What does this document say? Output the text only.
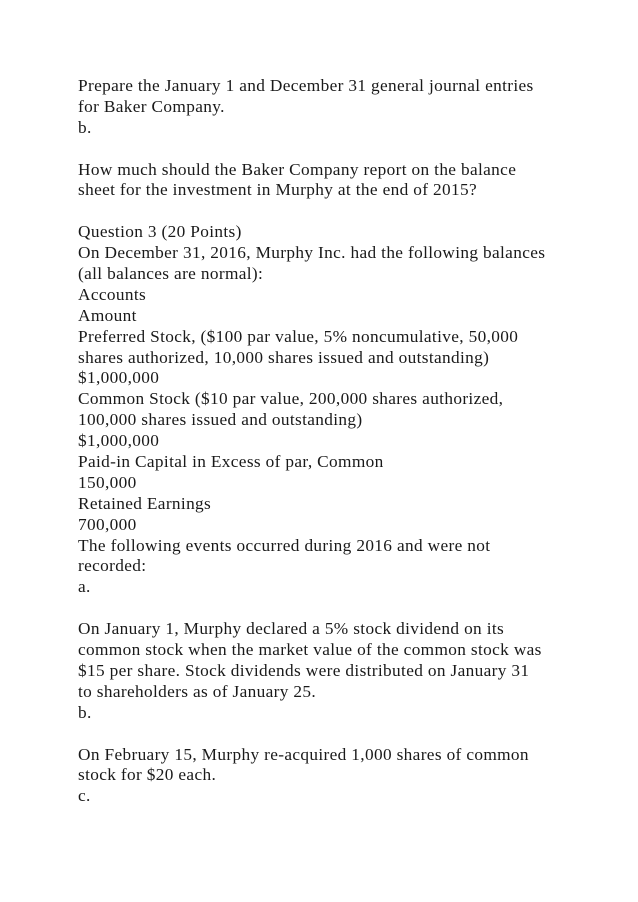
Prepare the January 1 and December 31 general journal entries
for Baker Company.
b.
How much should the Baker Company report on the balance
sheet for the investment in Murphy at the end of 2015?
Question 3 (20 Points)
On December 31, 2016, Murphy Inc. had the following balances
(all balances are normal):
Accounts
Amount
Preferred Stock, ($100 par value, 5% noncumulative, 50,000
shares authorized, 10,000 shares issued and outstanding)
$1,000,000
Common Stock ($10 par value, 200,000 shares authorized,
100,000 shares issued and outstanding)
$1,000,000
Paid-in Capital in Excess of par, Common
150,000
Retained Earnings
700,000
The following events occurred during 2016 and were not
recorded:
a.
On January 1, Murphy declared a 5% stock dividend on its
common stock when the market value of the common stock was
$15 per share. Stock dividends were distributed on January 31
to shareholders as of January 25.
b.
On February 15, Murphy re-acquired 1,000 shares of common
stock for $20 each.
c.
